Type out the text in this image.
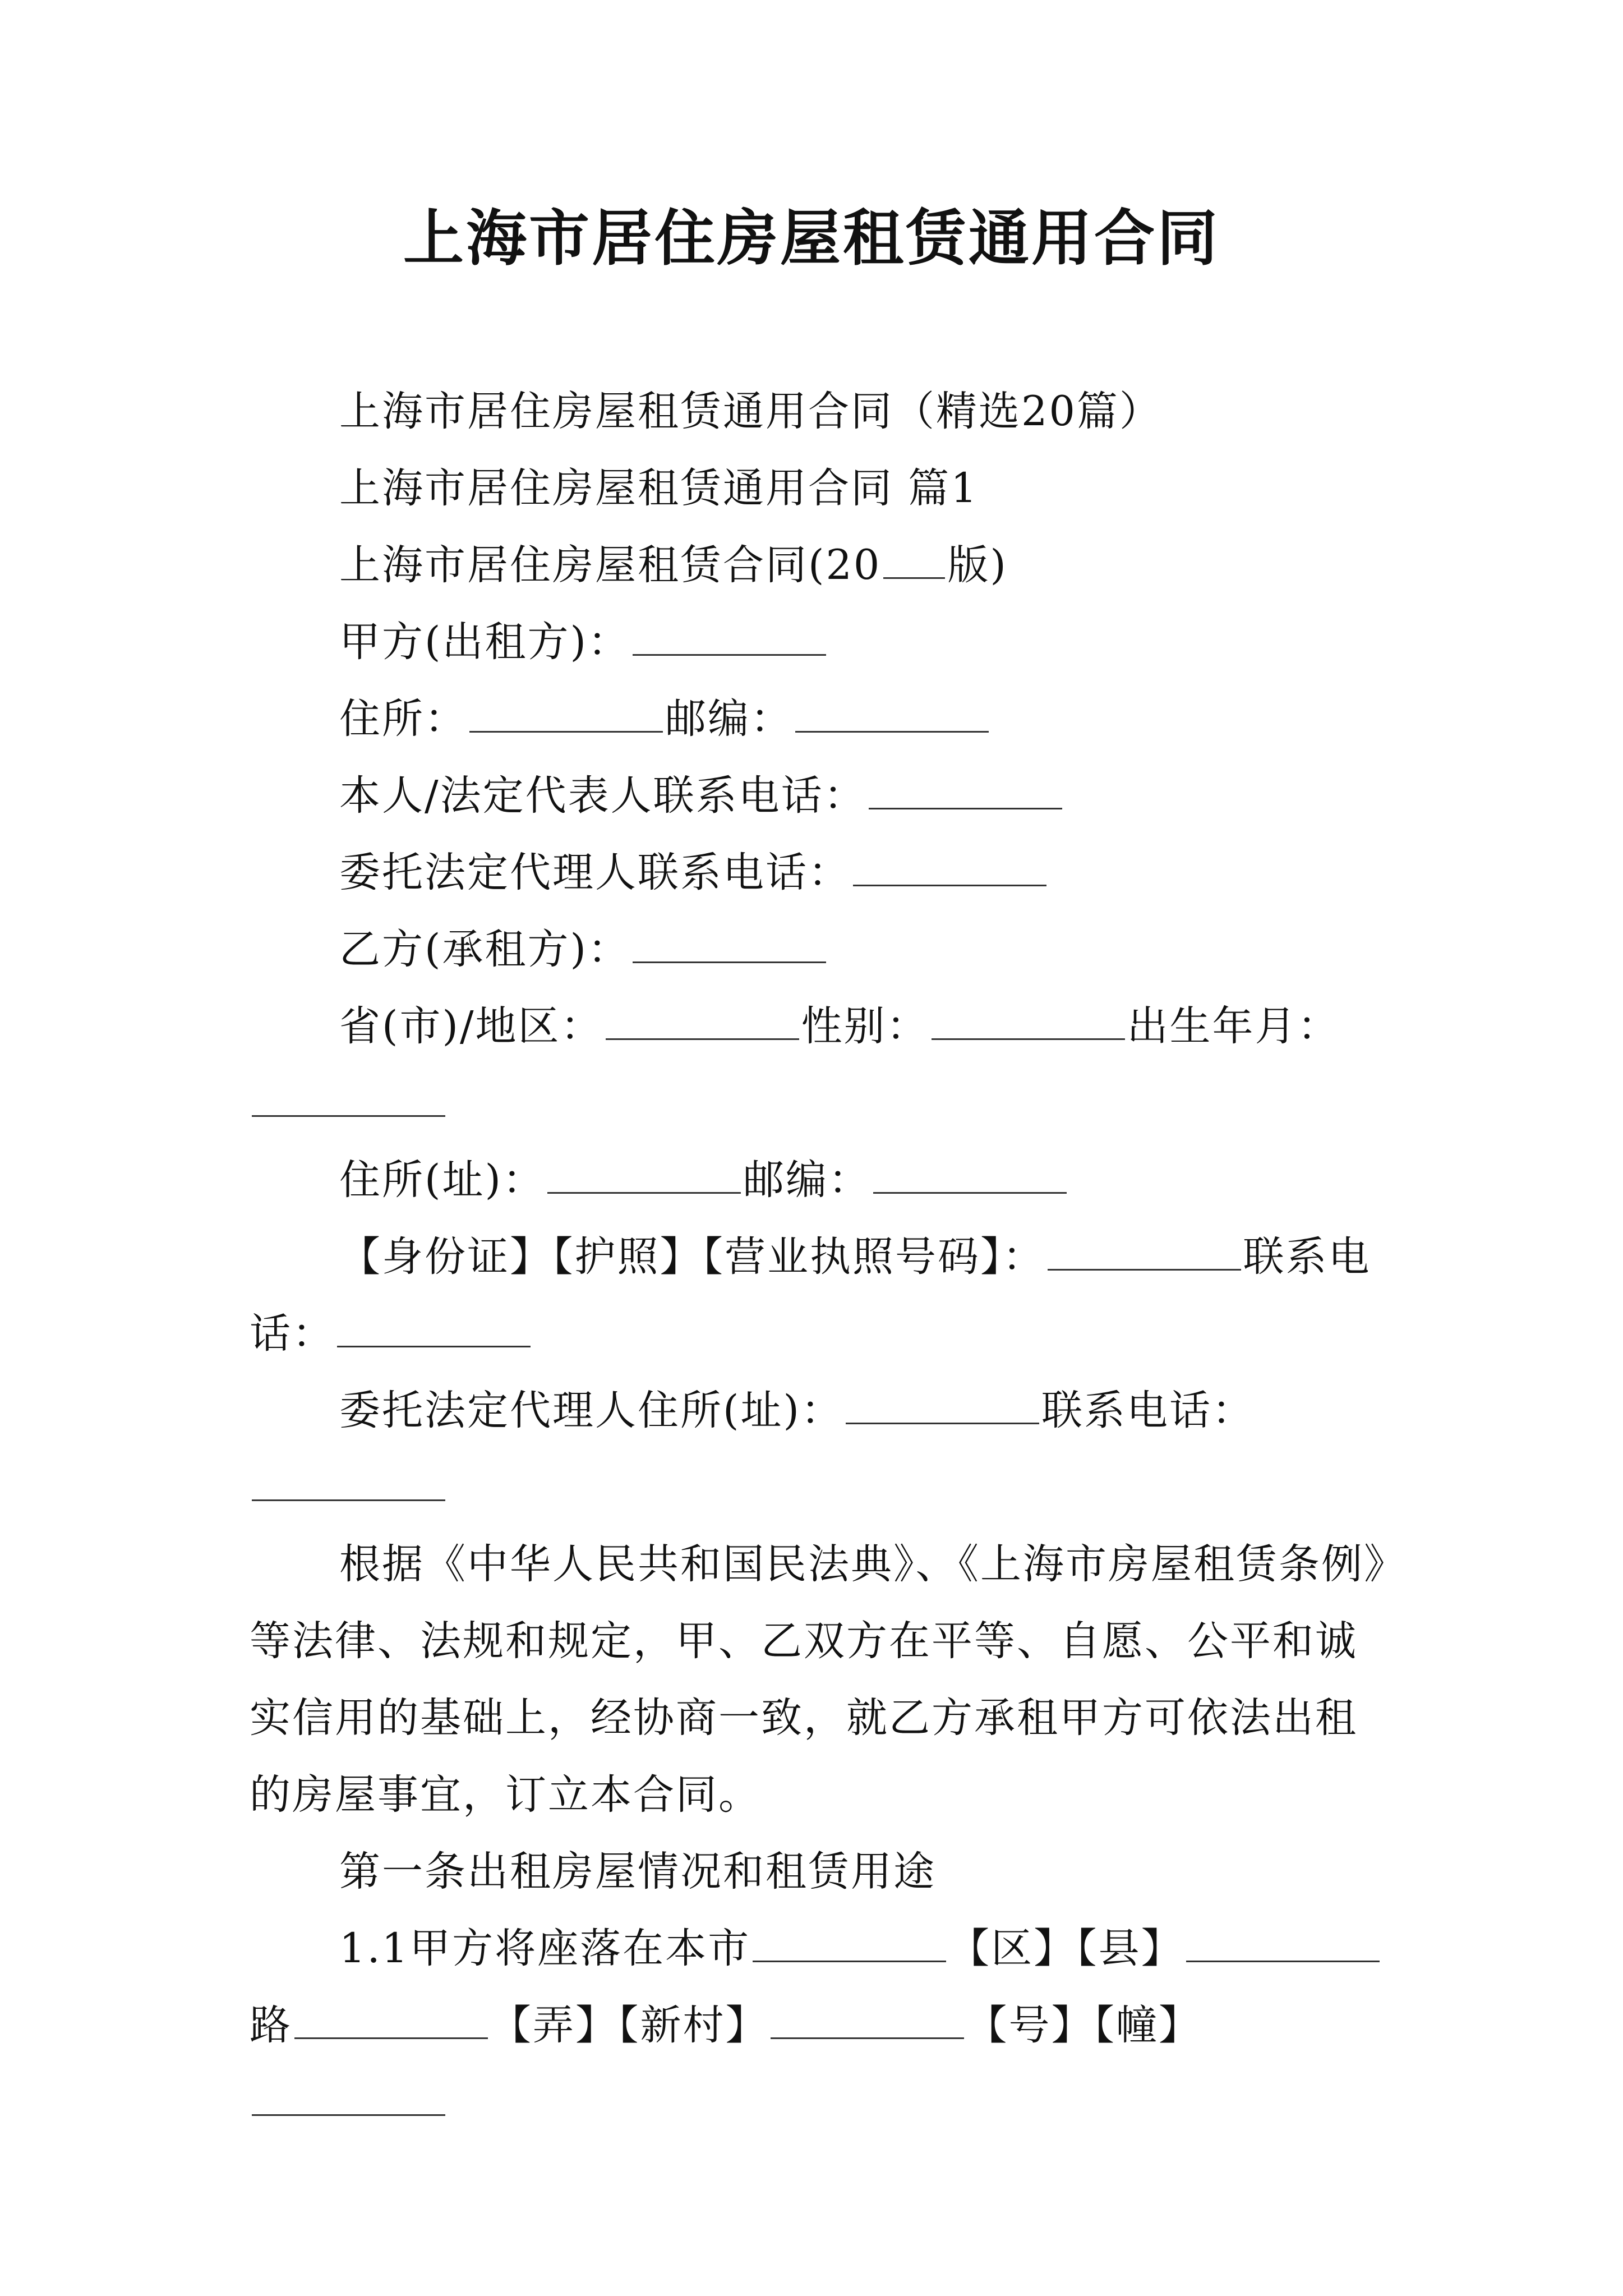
上海市居住房屋租赁通用合同

上海市居住房屋租赁通用合同（精选20篇）

上海市居住房屋租赁通用合同 篇1

上海市居住房屋租赁合同(20 版)

甲方(出租方)：

住所：	邮编：

本人/法定代表人联系电话：

委托法定代理人联系电话：

乙方(承租方)：

省(市)/地区：	性别：	出生年月：

住所(址)：	邮编：

【身份证】【护照】【营业执照号码】：	联系电话：

委托法定代理人住所(址)：	联系电话：

根据《中华人民共和国民法典》、《上海市房屋租赁条例》等法律、法规和规定，甲、乙双方在平等、自愿、公平和诚实信用的基础上，经协商一致，就乙方承租甲方可依法出租的房屋事宜，订立本合同。

第一条出租房屋情况和租赁用途

1.1甲方将座落在本市	【区】【县】路	【弄】【新村】	【号】【幢】
